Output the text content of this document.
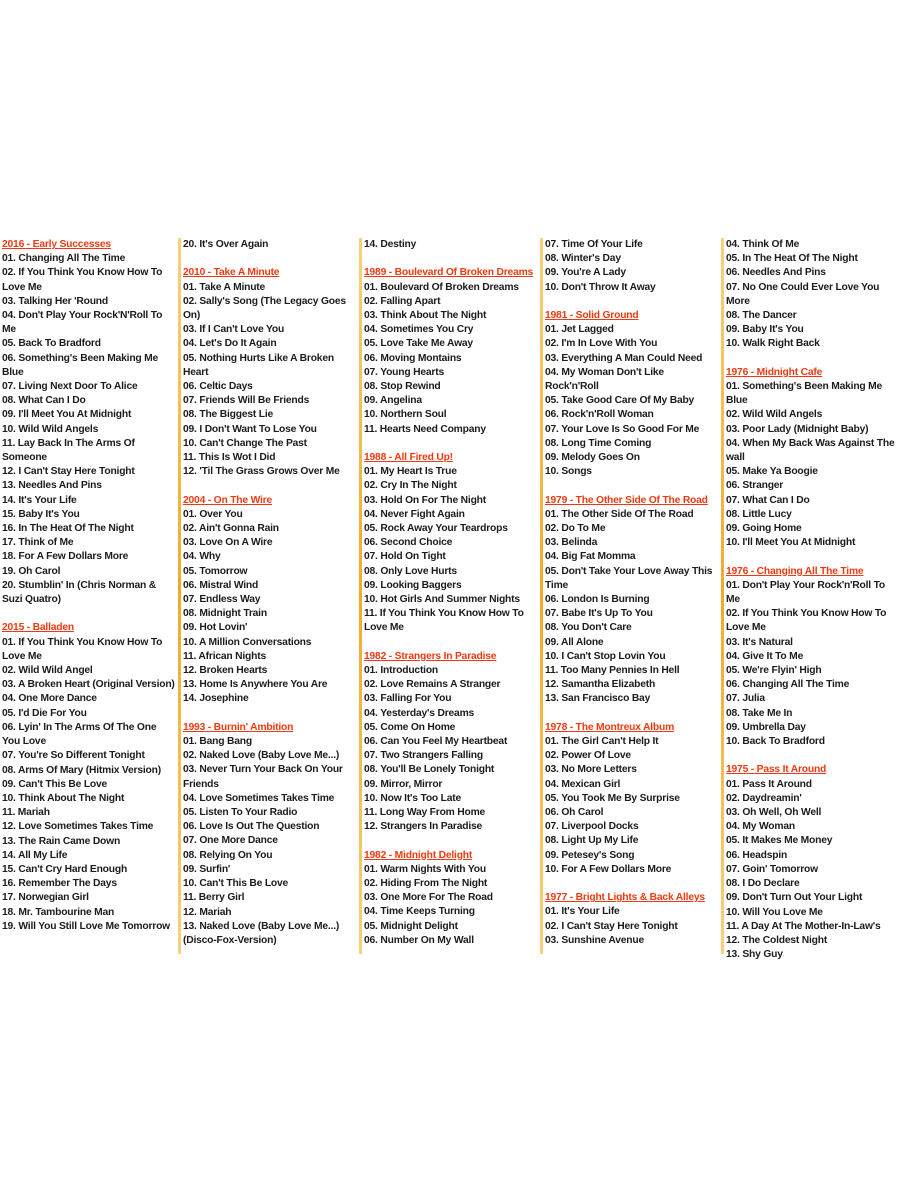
2016 - Early Successes
01. Changing All The Time
02. If You Think You Know How To Love Me
03. Talking Her 'Round
04. Don't Play Your Rock'N'Roll To Me
05. Back To Bradford
06. Something's Been Making Me Blue
07. Living Next Door To Alice
08. What Can I Do
09. I'll Meet You At Midnight
10. Wild Wild Angels
11. Lay Back In The Arms Of Someone
12. I Can't Stay Here Tonight
13. Needles And Pins
14. It's Your Life
15. Baby It's You
16. In The Heat Of The Night
17. Think of Me
18. For A Few Dollars More
19. Oh Carol
20. Stumblin' In (Chris Norman & Suzi Quatro)
2015 - Balladen
01. If You Think You Know How To Love Me
02. Wild Wild Angel
03. A Broken Heart (Original Version)
04. One More Dance
05. I'd Die For You
06. Lyin' In The Arms Of The One You Love
07. You're So Different Tonight
08. Arms Of Mary (Hitmix Version)
09. Can't This Be Love
10. Think About The Night
11. Mariah
12. Love Sometimes Takes Time
13. The Rain Came Down
14. All My Life
15. Can't Cry Hard Enough
16. Remember The Days
17. Norwegian Girl
18. Mr. Tambourine Man
19. Will You Still Love Me Tomorrow
20. It's Over Again
2010 - Take A Minute
01. Take A Minute
02. Sally's Song (The Legacy Goes On)
03. If I Can't Love You
04. Let's Do It Again
05. Nothing Hurts Like A Broken Heart
06. Celtic Days
07. Friends Will Be Friends
08. The Biggest Lie
09. I Don't Want To Lose You
10. Can't Change The Past
11. This Is Wot I Did
12. 'Til The Grass Grows Over Me
2004 - On The Wire
01. Over You
02. Ain't Gonna Rain
03. Love On A Wire
04. Why
05. Tomorrow
06. Mistral Wind
07. Endless Way
08. Midnight Train
09. Hot Lovin'
10. A Million Conversations
11. African Nights
12. Broken Hearts
13. Home Is Anywhere You Are
14. Josephine
1993 - Burnin' Ambition
01. Bang Bang
02. Naked Love (Baby Love Me...)
03. Never Turn Your Back On Your Friends
04. Love Sometimes Takes Time
05. Listen To Your Radio
06. Love Is Out The Question
07. One More Dance
08. Relying On You
09. Surfin'
10. Can't This Be Love
11. Berry Girl
12. Mariah
13. Naked Love (Baby Love Me...)(Disco-Fox-Version)
14. Destiny
1989 - Boulevard Of Broken Dreams
01. Boulevard Of Broken Dreams
02. Falling Apart
03. Think About The Night
04. Sometimes You Cry
05. Love Take Me Away
06. Moving Montains
07. Young Hearts
08. Stop Rewind
09. Angelina
10. Northern Soul
11. Hearts Need Company
1988 - All Fired Up!
01. My Heart Is True
02. Cry In The Night
03. Hold On For The Night
04. Never Fight Again
05. Rock Away Your Teardrops
06. Second Choice
07. Hold On Tight
08. Only Love Hurts
09. Looking Baggers
10. Hot Girls And Summer Nights
11. If You Think You Know How To Love Me
1982 - Strangers In Paradise
01. Introduction
02. Love Remains A Stranger
03. Falling For You
04. Yesterday's Dreams
05. Come On Home
06. Can You Feel My Heartbeat
07. Two Strangers Falling
08. You'll Be Lonely Tonight
09. Mirror, Mirror
10. Now It's Too Late
11. Long Way From Home
12. Strangers In Paradise
1982 - Midnight Delight
01. Warm Nights With You
02. Hiding From The Night
03. One More For The Road
04. Time Keeps Turning
05. Midnight Delight
06. Number On My Wall
07. Time Of Your Life
08. Winter's Day
09. You're A Lady
10. Don't Throw It Away
1981 - Solid Ground
01. Jet Lagged
02. I'm In Love With You
03. Everything A Man Could Need
04. My Woman Don't Like Rock'n'Roll
05. Take Good Care Of My Baby
06. Rock'n'Roll Woman
07. Your Love Is So Good For Me
08. Long Time Coming
09. Melody Goes On
10. Songs
1979 - The Other Side Of The Road
01. The Other Side Of The Road
02. Do To Me
03. Belinda
04. Big Fat Momma
05. Don't Take Your Love Away This Time
06. London Is Burning
07. Babe It's Up To You
08. You Don't Care
09. All Alone
10. I Can't Stop Lovin You
11. Too Many Pennies In Hell
12. Samantha Elizabeth
13. San Francisco Bay
1978 - The Montreux Album
01. The Girl Can't Help It
02. Power Of Love
03. No More Letters
04. Mexican Girl
05. You Took Me By Surprise
06. Oh Carol
07. Liverpool Docks
08. Light Up My Life
09. Petesey's Song
10. For A Few Dollars More
1977 - Bright Lights & Back Alleys
01. It's Your Life
02. I Can't Stay Here Tonight
03. Sunshine Avenue
04. Think Of Me
05. In The Heat Of The Night
06. Needles And Pins
07. No One Could Ever Love You More
08. The Dancer
09. Baby It's You
10. Walk Right Back
1976 - Midnight Cafe
01. Something's Been Making Me Blue
02. Wild Wild Angels
03. Poor Lady (Midnight Baby)
04. When My Back Was Against The wall
05. Make Ya Boogie
06. Stranger
07. What Can I Do
08. Little Lucy
09. Going Home
10. I'll Meet You At Midnight
1976 - Changing All The Time
01. Don't Play Your Rock'n'Roll To Me
02. If You Think You Know How To Love Me
03. It's Natural
04. Give It To Me
05. We're Flyin' High
06. Changing All The Time
07. Julia
08. Take Me In
09. Umbrella Day
10. Back To Bradford
1975 - Pass It Around
01. Pass It Around
02. Daydreamin'
03. Oh Well, Oh Well
04. My Woman
05. It Makes Me Money
06. Headspin
07. Goin' Tomorrow
08. I Do Declare
09. Don't Turn Out Your Light
10. Will You Love Me
11. A Day At The Mother-In-Law's
12. The Coldest Night
13. Shy Guy
